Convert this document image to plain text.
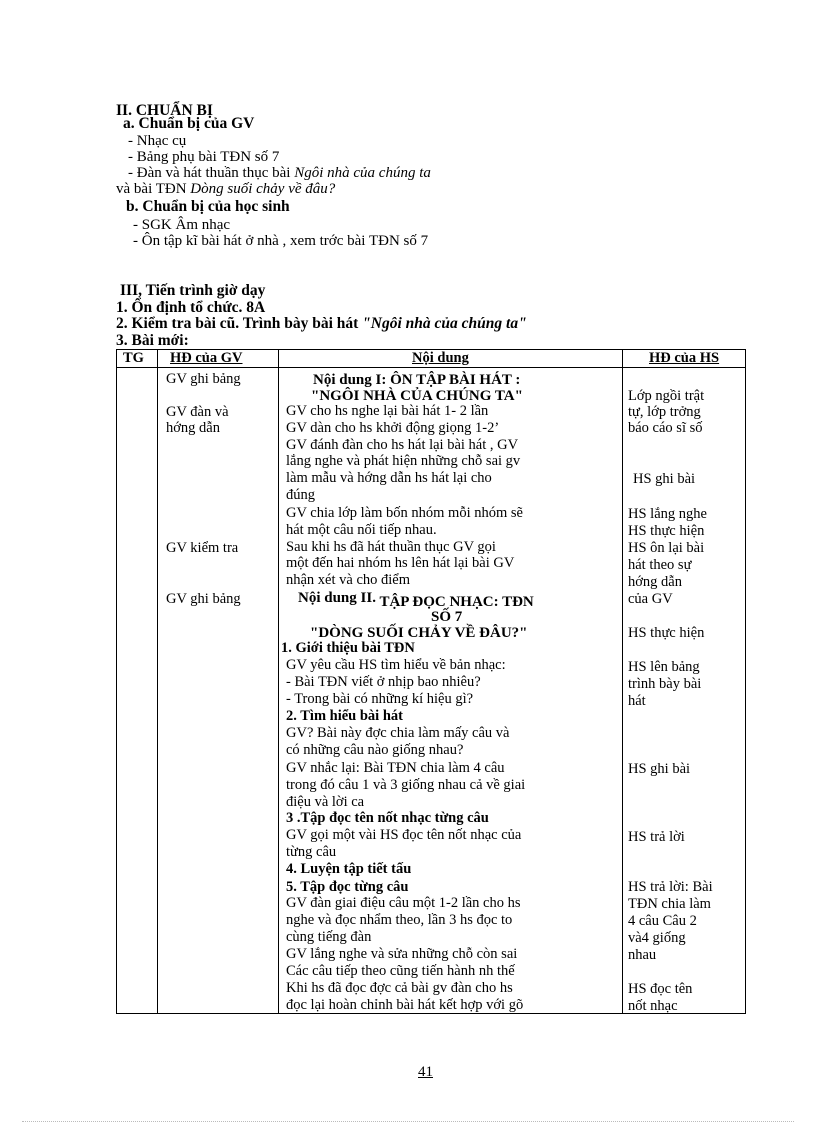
II. CHUẨN BỊ
a. Chuẩn bị của GV
- Nhạc cụ
- Bảng phụ bài TĐN số 7
- Đàn và hát thuần thục bài Ngôi nhà của chúng ta
và bài TĐN Dòng suối chảy về đâu?
b. Chuẩn bị của học sinh
- SGK Âm nhạc
- Ôn tập kĩ bài hát ở nhà , xem trớc bài TĐN số 7
III, Tiến trình giờ dạy
1. Ổn định tổ chức. 8A
2. Kiểm tra bài cũ. Trình bày bài hát "Ngôi nhà của chúng ta"
3. Bài mới:
TG HĐ của GV	Nội dung	HĐ của HS
GV ghi bảng
GV đàn và
hớng dẫn
GV kiểm tra
GV ghi bảng
Nội dung I: ÔN TẬP BÀI HÁT :
"NGÔI NHÀ CỦA CHÚNG TA"
GV cho hs nghe lại bài hát 1- 2 lần
GV dàn cho hs khởi động giọng 1-2’
GV đánh đàn cho hs hát lại bài hát , GV
lắng nghe và phát hiện những chỗ sai gv
làm mẫu và hớng dẫn hs hát lại cho
đúng
GV chia lớp làm bốn nhóm mỗi nhóm sẽ
hát một câu nối tiếp nhau.
Sau khi hs đã hát thuần thục GV gọi
một đến hai nhóm hs lên hát lại bài GV
nhận xét và cho điểm
Nội dung II. TẬP ĐỌC NHẠC: TĐN
SỐ 7
"DÒNG SUỐI CHẢY VỀ ĐÂU?"
1. Giới thiệu bài TĐN
GV yêu cầu HS tìm hiểu về bản nhạc:
- Bài TĐN viết ở nhịp bao nhiêu?
- Trong bài có những kí hiệu gì?
2. Tìm hiểu bài hát
GV? Bài này đợc chia làm mấy câu và
có những câu nào giống nhau?
GV nhắc lại: Bài TĐN chia làm 4 câu
trong đó câu 1 và 3 giống nhau cả về giai
điệu và lời ca
3 .Tập đọc tên nốt nhạc từng câu
GV gọi một vài HS đọc tên nốt nhạc của
từng câu
4. Luyện tập tiết tấu
5. Tập đọc từng câu
GV đàn giai điệu câu một 1-2 lần cho hs
nghe và đọc nhẩm theo, lần 3 hs đọc to
cùng tiếng đàn
GV lắng nghe và sửa những chỗ còn sai
Các câu tiếp theo cũng tiến hành nh thế
Khi hs đã đọc đợc cả bài gv đàn cho hs
đọc lại hoàn chỉnh bài hát kết hợp với gõ
Lớp ngồi trật
tự, lớp trởng
báo cáo sĩ số
HS ghi bài
HS lắng nghe
HS thực hiện
HS ôn lại bài
hát theo sự
hớng dẫn
của GV
HS thực hiện
HS lên bảng
trình bày bài
hát
HS ghi bài
HS trả lời
HS trả lời: Bài
TĐN chia làm
4 câu Câu 2
và4 giống
nhau
HS đọc tên
nốt nhạc
41
